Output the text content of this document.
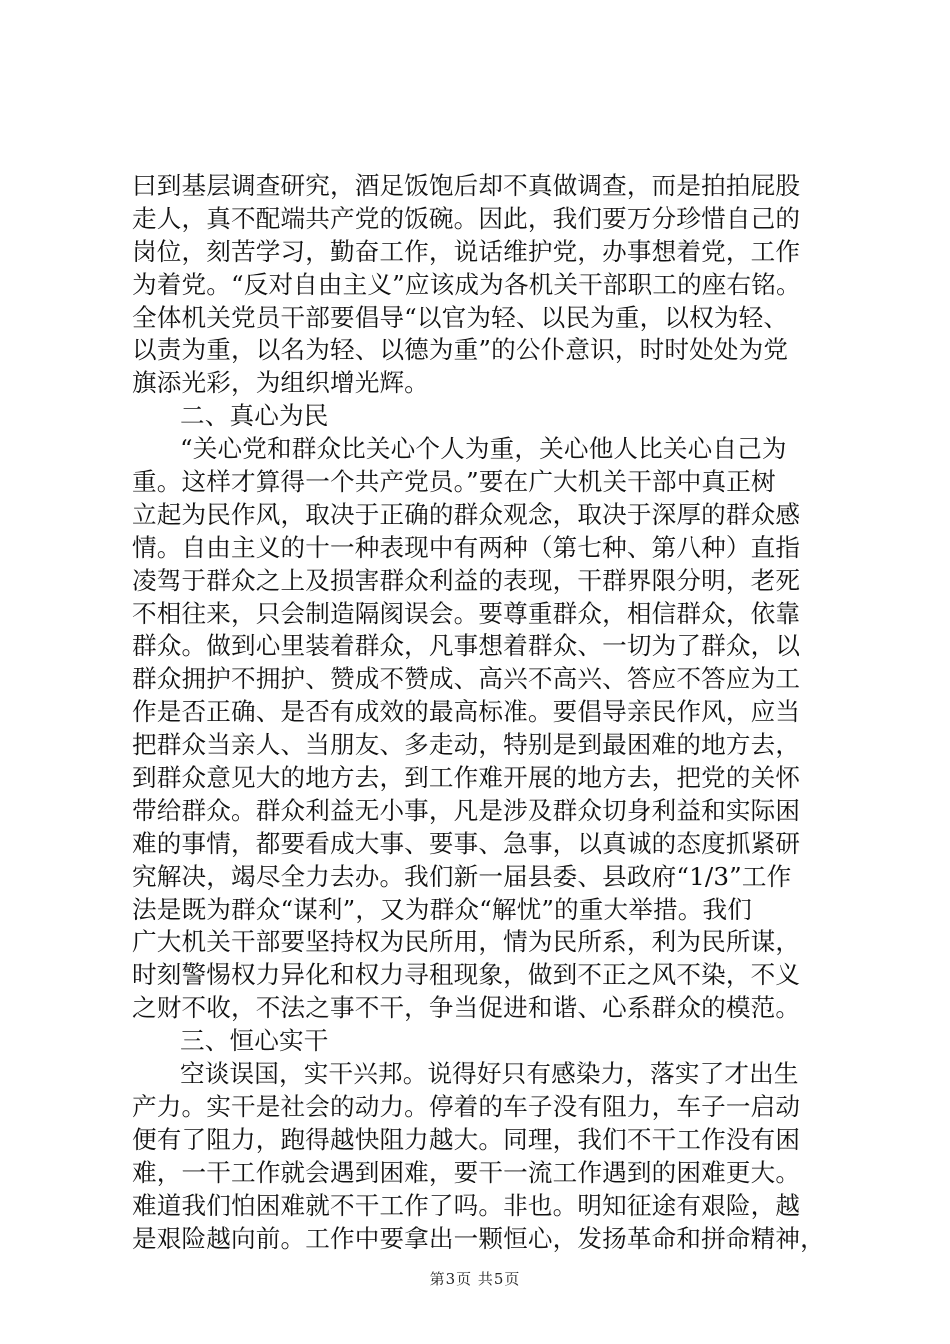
曰到基层调查研究，酒足饭饱后却不真做调查，而是拍拍屁股
走人，真不配端共产党的饭碗。因此，我们要万分珍惜自己的
岗位，刻苦学习，勤奋工作，说话维护党，办事想着党，工作
为着党。“反对自由主义”应该成为各机关干部职工的座右铭。
全体机关党员干部要倡导“以官为轻、以民为重，以权为轻、
以责为重，以名为轻、以德为重”的公仆意识，时时处处为党
旗添光彩，为组织增光辉。
二、真心为民
“关心党和群众比关心个人为重，关心他人比关心自己为
重。这样才算得一个共产党员。”要在广大机关干部中真正树
立起为民作风，取决于正确的群众观念，取决于深厚的群众感
情。自由主义的十一种表现中有两种（第七种、第八种）直指
凌驾于群众之上及损害群众利益的表现，干群界限分明，老死
不相往来，只会制造隔阂误会。要尊重群众，相信群众，依靠
群众。做到心里装着群众，凡事想着群众、一切为了群众，以
群众拥护不拥护、赞成不赞成、高兴不高兴、答应不答应为工
作是否正确、是否有成效的最高标准。要倡导亲民作风，应当
把群众当亲人、当朋友、多走动，特别是到最困难的地方去，
到群众意见大的地方去，到工作难开展的地方去，把党的关怀
带给群众。群众利益无小事，凡是涉及群众切身利益和实际困
难的事情，都要看成大事、要事、急事，以真诚的态度抓紧研
究解决，竭尽全力去办。我们新一届县委、县政府“1/3”工作
法是既为群众“谋利”，又为群众“解忧”的重大举措。我们
广大机关干部要坚持权为民所用，情为民所系，利为民所谋，
时刻警惕权力异化和权力寻租现象，做到不正之风不染，不义
之财不收，不法之事不干，争当促进和谐、心系群众的模范。
三、恒心实干
空谈误国，实干兴邦。说得好只有感染力，落实了才出生
产力。实干是社会的动力。停着的车子没有阻力，车子一启动
便有了阻力，跑得越快阻力越大。同理，我们不干工作没有困
难，一干工作就会遇到困难，要干一流工作遇到的困难更大。
难道我们怕困难就不干工作了吗。非也。明知征途有艰险，越
是艰险越向前。工作中要拿出一颗恒心，发扬革命和拼命精神，
第3页 共5页
